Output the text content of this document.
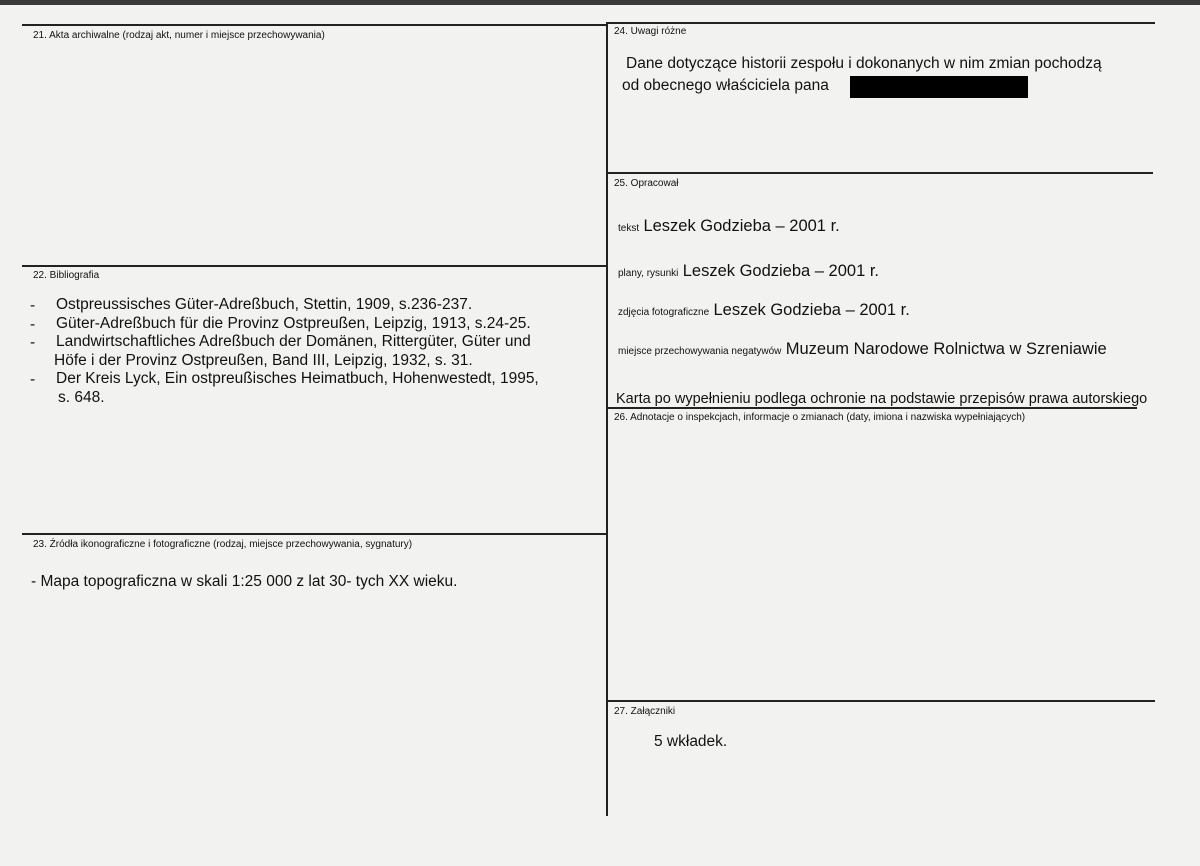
21. Akta archiwalne (rodzaj akt, numer i miejsce przechowywania)
22. Bibliografia
- Ostpreussisches Güter-Adreßbuch, Stettin, 1909, s.236-237.
- Güter-Adreßbuch für die Provinz Ostpreußen, Leipzig, 1913, s.24-25.
- Landwirtschaftliches Adreßbuch der Domänen, Rittergüter, Güter und
Höfe i der Provinz Ostpreußen, Band III, Leipzig, 1932, s. 31.
- Der Kreis Lyck, Ein ostpreußisches Heimatbuch, Hohenwestedt, 1995,
s. 648.
23. Źródła ikonograficzne i fotograficzne (rodzaj, miejsce przechowywania, sygnatury)
- Mapa topograficzna w skali 1:25 000 z lat 30- tych XX wieku.
24. Uwagi różne
Dane dotyczące historii zespołu i dokonanych w nim zmian pochodzą
od obecnego właściciela pana
25. Opracował
tekst Leszek Godzieba – 2001 r.
plany, rysunki Leszek Godzieba – 2001 r.
zdjęcia fotograficzne Leszek Godzieba – 2001 r.
miejsce przechowywania negatywów Muzeum Narodowe Rolnictwa w Szreniawie
Karta po wypełnieniu podlega ochronie na podstawie przepisów prawa autorskiego
26. Adnotacje o inspekcjach, informacje o zmianach (daty, imiona i nazwiska wypełniających)
27. Załączniki
5 wkładek.
